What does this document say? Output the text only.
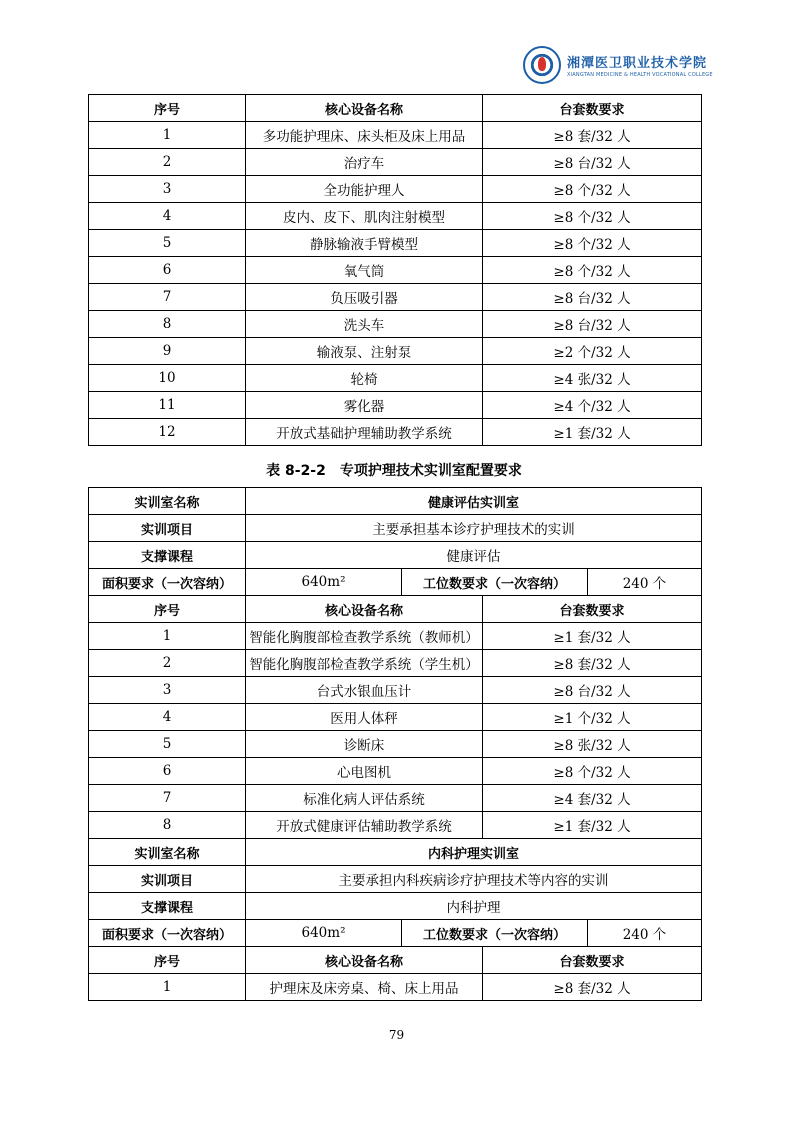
湘潭医卫职业技术学院
XIANGTAN MEDICINE & HEALTH VOCATIONAL COLLEGE
序号	核心设备名称	台套数要求
1	多功能护理床、床头柜及床上用品	≥8 套/32 人
2	治疗车	≥8 台/32 人
3	全功能护理人	≥8 个/32 人
4	皮内、皮下、肌肉注射模型	≥8 个/32 人
5	静脉输液手臂模型	≥8 个/32 人
6	氧气筒	≥8 个/32 人
7	负压吸引器	≥8 台/32 人
8	洗头车	≥8 台/32 人
9	输液泵、注射泵	≥2 个/32 人
10	轮椅	≥4 张/32 人
11	雾化器	≥4 个/32 人
12	开放式基础护理辅助教学系统	≥1 套/32 人
表 8-2-2　专项护理技术实训室配置要求
实训室名称	健康评估实训室			
实训项目	主要承担基本诊疗护理技术的实训			
支撑课程	健康评估			
面积要求（一次容纳）	640m²	工位数要求（一次容纳）		240 个
序号	核心设备名称		台套数要求	
1	智能化胸腹部检查教学系统（教师机）		≥1 套/32 人	
2	智能化胸腹部检查教学系统（学生机）		≥8 套/32 人	
3	台式水银血压计		≥8 台/32 人	
4	医用人体秤		≥1 个/32 人	
5	诊断床		≥8 张/32 人	
6	心电图机		≥8 个/32 人	
7	标准化病人评估系统		≥4 套/32 人	
8	开放式健康评估辅助教学系统		≥1 套/32 人	
实训室名称	内科护理实训室			
实训项目	主要承担内科疾病诊疗护理技术等内容的实训			
支撑课程	内科护理			
面积要求（一次容纳）	640m²	工位数要求（一次容纳）		240 个
序号	核心设备名称		台套数要求	
1	护理床及床旁桌、椅、床上用品		≥8 套/32 人	
79
